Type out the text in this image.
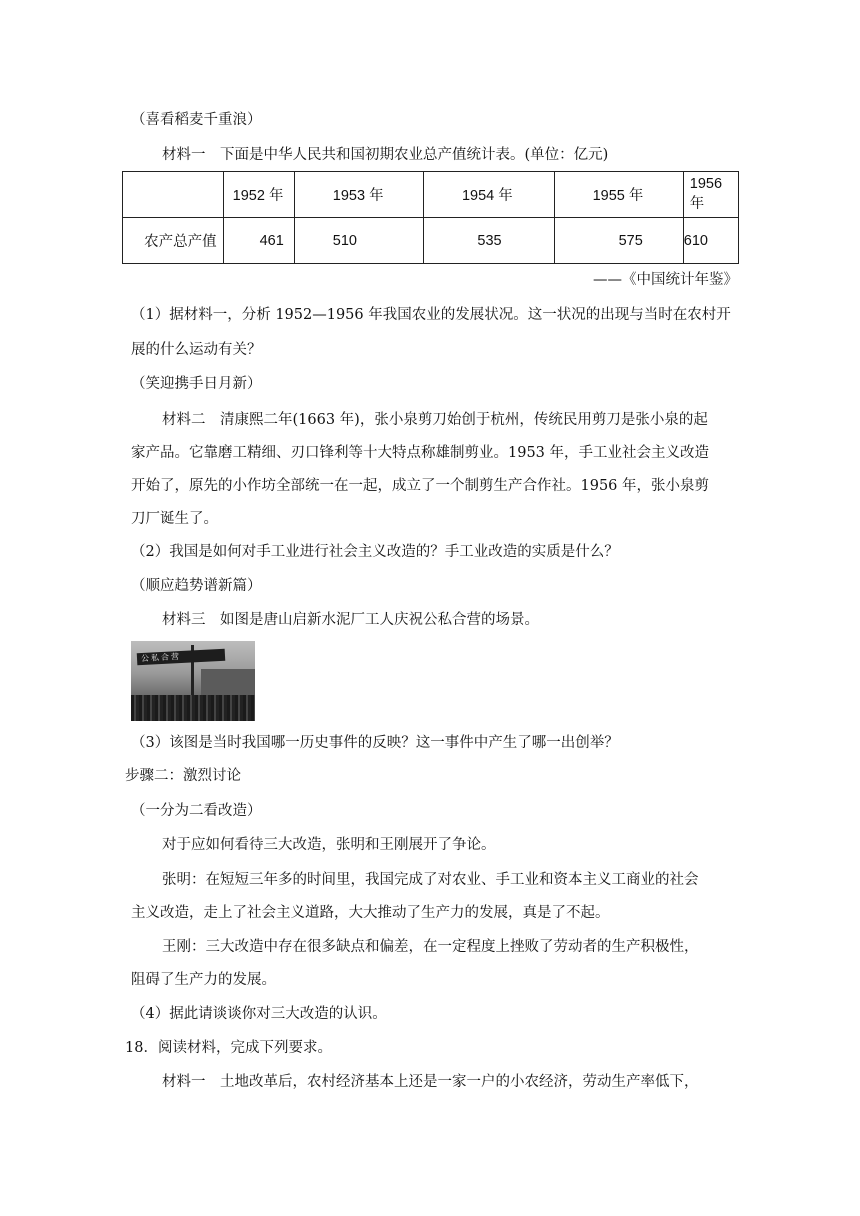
（喜看稻麦千重浪）
材料一　下面是中华人民共和国初期农业总产值统计表。(单位：亿元)
	1952 年	1953 年	1954 年	1955 年	1956 年
农产总产值	461	510	535	575	610
——《中国统计年鉴》
（1）据材料一，分析 1952—1956 年我国农业的发展状况。这一状况的出现与当时在农村开
展的什么运动有关？
（笑迎携手日月新）
材料二　清康熙二年(1663 年)，张小泉剪刀始创于杭州，传统民用剪刀是张小泉的起
家产品。它靠磨工精细、刃口锋利等十大特点称雄制剪业。1953 年，手工业社会主义改造
开始了，原先的小作坊全部统一在一起，成立了一个制剪生产合作社。1956 年，张小泉剪
刀厂诞生了。
（2）我国是如何对手工业进行社会主义改造的？手工业改造的实质是什么？
（顺应趋势谱新篇）
材料三　如图是唐山启新水泥厂工人庆祝公私合营的场景。
公私合营
（3）该图是当时我国哪一历史事件的反映？这一事件中产生了哪一出创举？
步骤二：激烈讨论
（一分为二看改造）
对于应如何看待三大改造，张明和王刚展开了争论。
张明：在短短三年多的时间里，我国完成了对农业、手工业和资本主义工商业的社会
主义改造，走上了社会主义道路，大大推动了生产力的发展，真是了不起。
王刚：三大改造中存在很多缺点和偏差，在一定程度上挫败了劳动者的生产积极性，
阻碍了生产力的发展。
（4）据此请谈谈你对三大改造的认识。
18．阅读材料，完成下列要求。
材料一　土地改革后，农村经济基本上还是一家一户的小农经济，劳动生产率低下，
